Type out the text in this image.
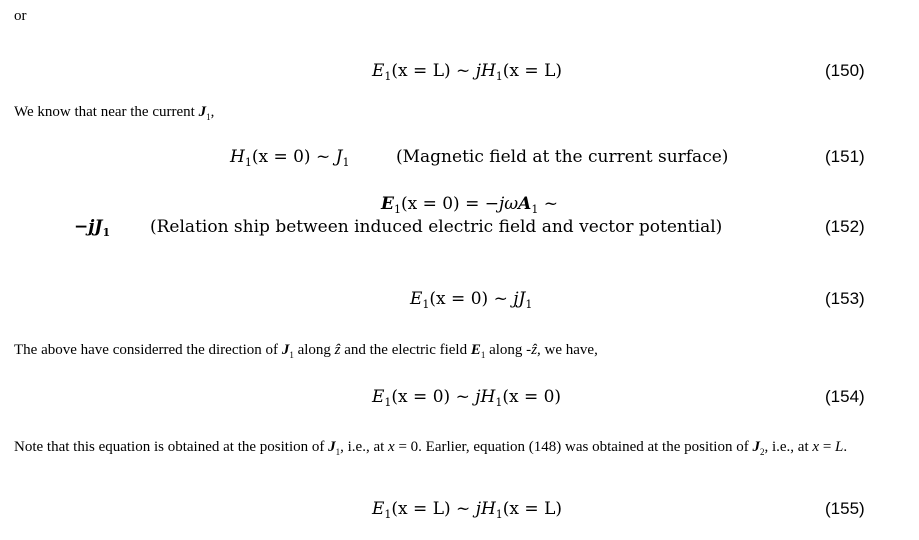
or
$E_1(x = L)$ ~ $jH_1(x = L)$	(150)
We know that near the current $J_1$,
$H_1(x = 0)$ ~ $J_1$	(Magnetic field at the current surface)	(151)
$E_1(x = 0) = -j\omega A_1$ ~
$-jJ_1$ (Relation ship between induced electric field and vector potential)	(152)
$E_1(x = 0)$ ~ $jJ_1$	(153)
The above have considerred the direction of $J_1$ along ẑ and the electric field $E_1$ along -ẑ, we have,
$E_1(x = 0)$ ~ $jH_1(x = 0)$	(154)
Note that this equation is obtained at the position of $J_1$, i.e., at x = 0. Earlier, equation (148) was obtained at the position of $J_2$, i.e., at x = L.
$E_1(x = L)$ ~ $jH_1(x = L)$	(155)
